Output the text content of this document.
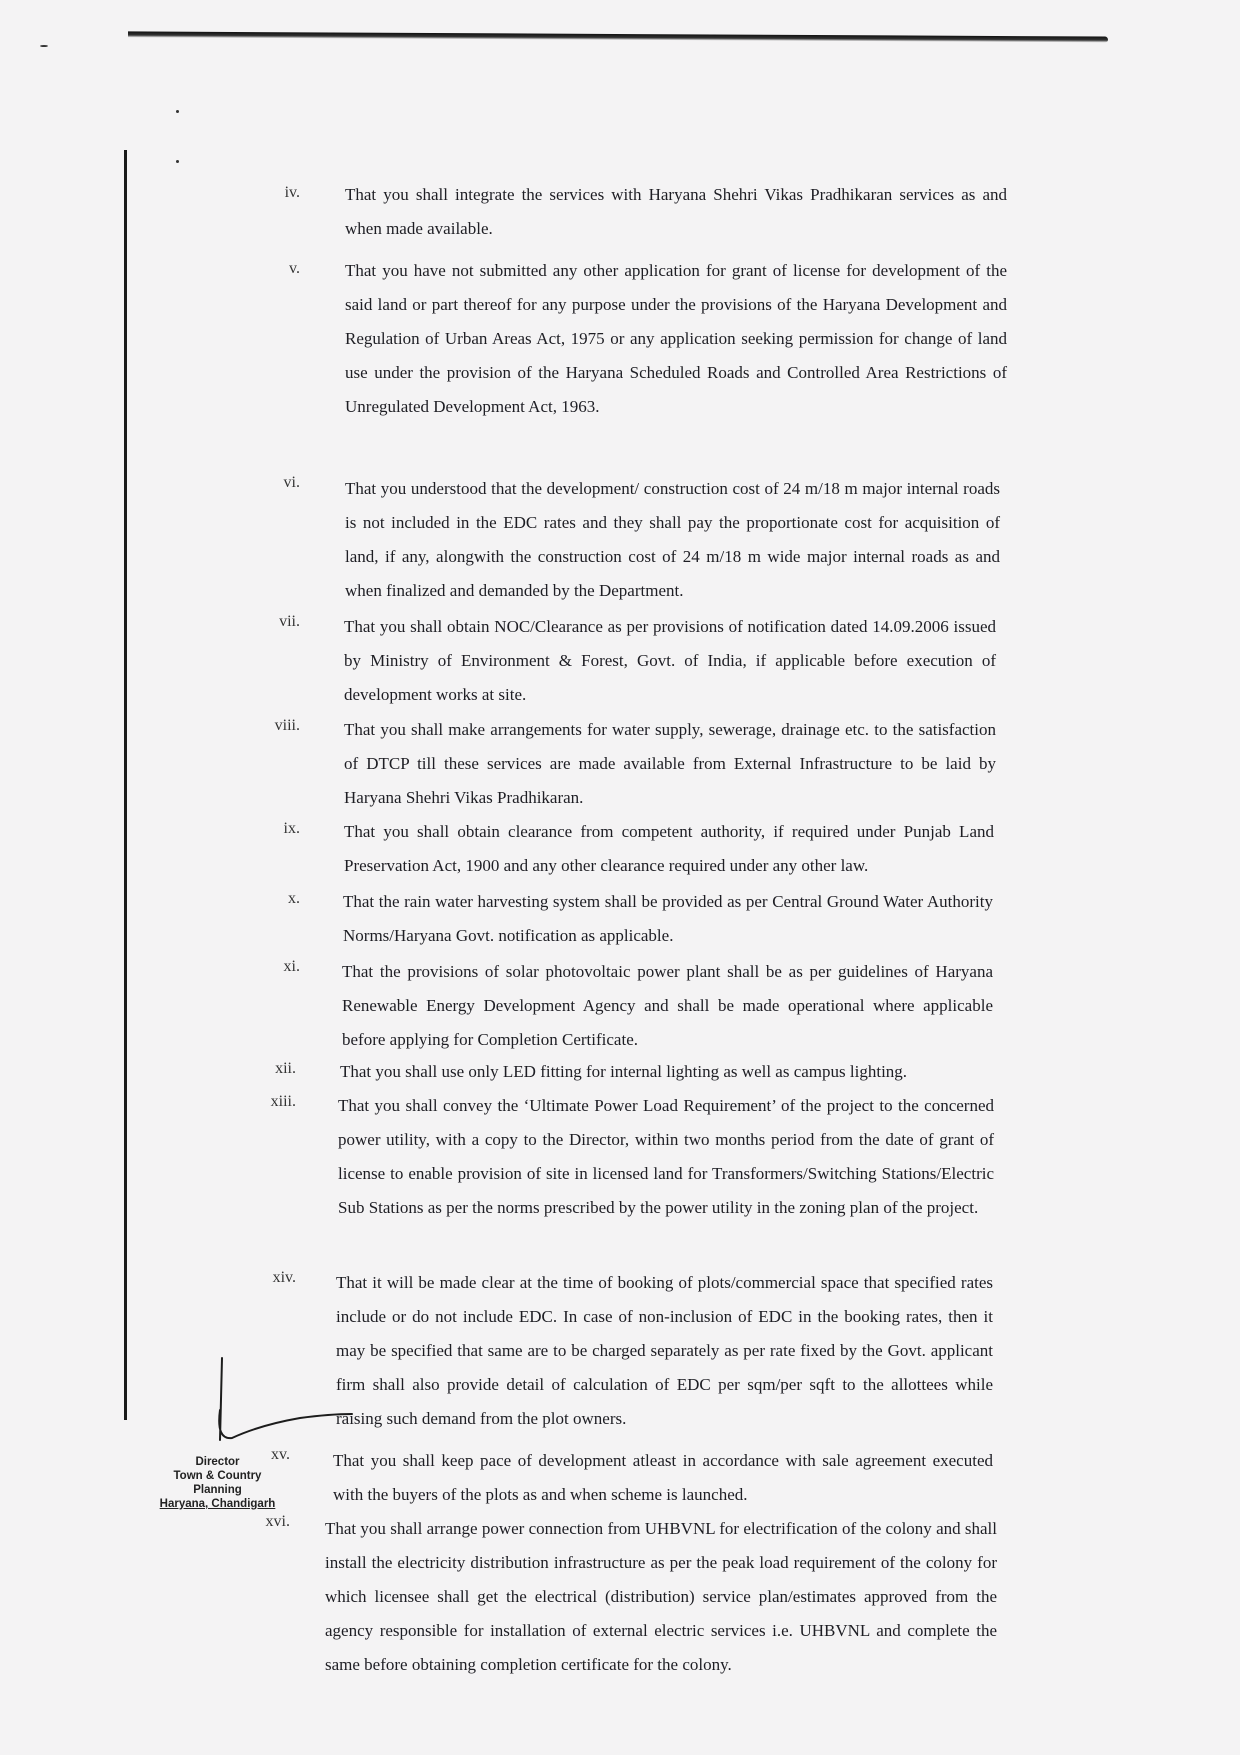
iv.	That you shall integrate the services with Haryana Shehri Vikas Pradhikaran services as and when made available.
v.	That you have not submitted any other application for grant of license for development of the said land or part thereof for any purpose under the provisions of the Haryana Development and Regulation of Urban Areas Act, 1975 or any application seeking permission for change of land use under the provision of the Haryana Scheduled Roads and Controlled Area Restrictions of Unregulated Development Act, 1963.
vi.	That you understood that the development/ construction cost of 24 m/18 m major internal roads is not included in the EDC rates and they shall pay the proportionate cost for acquisition of land, if any, alongwith the construction cost of 24 m/18 m wide major internal roads as and when finalized and demanded by the Department.
vii.	That you shall obtain NOC/Clearance as per provisions of notification dated 14.09.2006 issued by Ministry of Environment & Forest, Govt. of India, if applicable before execution of development works at site.
viii.	That you shall make arrangements for water supply, sewerage, drainage etc. to the satisfaction of DTCP till these services are made available from External Infrastructure to be laid by Haryana Shehri Vikas Pradhikaran.
ix.	That you shall obtain clearance from competent authority, if required under Punjab Land Preservation Act, 1900 and any other clearance required under any other law.
x.	That the rain water harvesting system shall be provided as per Central Ground Water Authority Norms/Haryana Govt. notification as applicable.
xi. That the provisions of solar photovoltaic power plant shall be as per guidelines of Haryana Renewable Energy Development Agency and shall be made operational where applicable before applying for Completion Certificate.
xii.	That you shall use only LED fitting for internal lighting as well as campus lighting.
xiii. That you shall convey the ‘Ultimate Power Load Requirement’ of the project to the concerned power utility, with a copy to the Director, within two months period from the date of grant of license to enable provision of site in licensed land for Transformers/Switching Stations/Electric Sub Stations as per the norms prescribed by the power utility in the zoning plan of the project.
xiv. That it will be made clear at the time of booking of plots/commercial space that specified rates include or do not include EDC. In case of non-inclusion of EDC in the booking rates, then it may be specified that same are to be charged separately as per rate fixed by the Govt. applicant firm shall also provide detail of calculation of EDC per sqm/per sqft to the allottees while raising such demand from the plot owners.
xv.	That you shall keep pace of development atleast in accordance with sale agreement executed with the buyers of the plots as and when scheme is launched.
xvi. That you shall arrange power connection from UHBVNL for electrification of the colony and shall install the electricity distribution infrastructure as per the peak load requirement of the colony for which licensee shall get the electrical (distribution) service plan/estimates approved from the agency responsible for installation of external electric services i.e. UHBVNL and complete the same before obtaining completion certificate for the colony.
Director
Town & Country Planning
Haryana, Chandigarh
